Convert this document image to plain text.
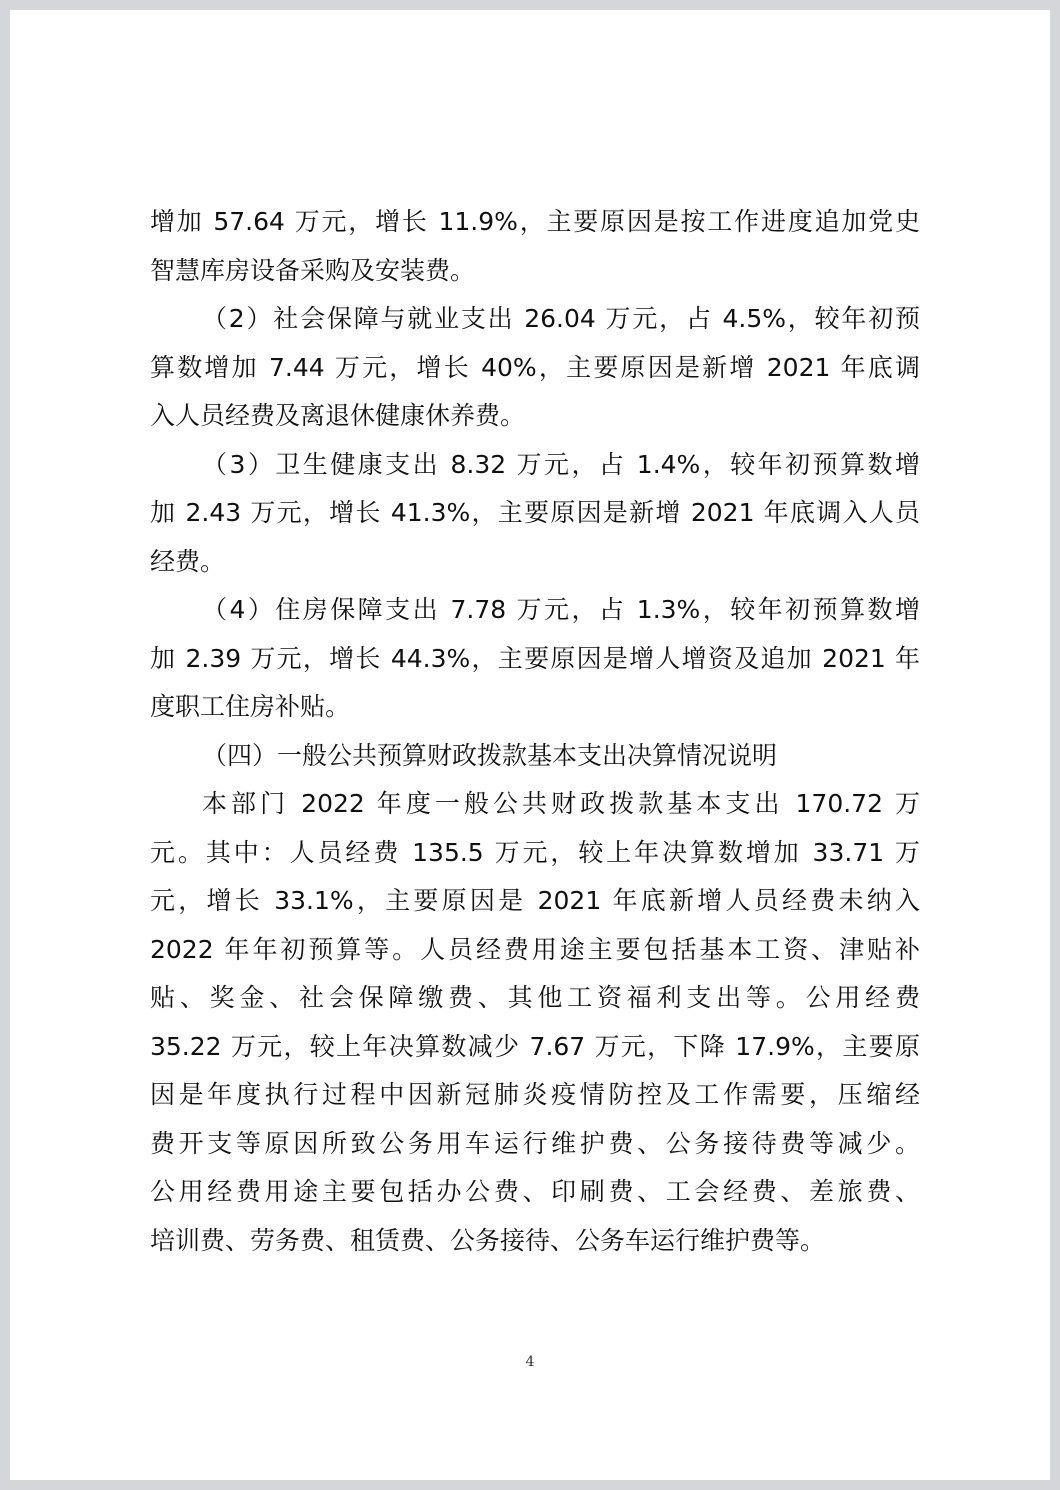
增加 57.64 万元，增长 11.9%，主要原因是按工作进度追加党史
智慧库房设备采购及安装费。
（2）社会保障与就业支出 26.04 万元，占 4.5%，较年初预
算数增加 7.44 万元，增长 40%，主要原因是新增 2021 年底调
入人员经费及离退休健康休养费。
（3）卫生健康支出 8.32 万元，占 1.4%，较年初预算数增
加 2.43 万元，增长 41.3%，主要原因是新增 2021 年底调入人员
经费。
（4）住房保障支出 7.78 万元，占 1.3%，较年初预算数增
加 2.39 万元，增长 44.3%，主要原因是增人增资及追加 2021 年
度职工住房补贴。
（四）一般公共预算财政拨款基本支出决算情况说明
本部门 2022 年度一般公共财政拨款基本支出 170.72 万
元。其中：人员经费 135.5 万元，较上年决算数增加 33.71 万
元，增长 33.1%，主要原因是 2021 年底新增人员经费未纳入
2022 年年初预算等。人员经费用途主要包括基本工资、津贴补
贴、奖金、社会保障缴费、其他工资福利支出等。公用经费
35.22 万元，较上年决算数减少 7.67 万元，下降 17.9%，主要原
因是年度执行过程中因新冠肺炎疫情防控及工作需要，压缩经
费开支等原因所致公务用车运行维护费、公务接待费等减少。
公用经费用途主要包括办公费、印刷费、工会经费、差旅费、
培训费、劳务费、租赁费、公务接待、公务车运行维护费等。
4
